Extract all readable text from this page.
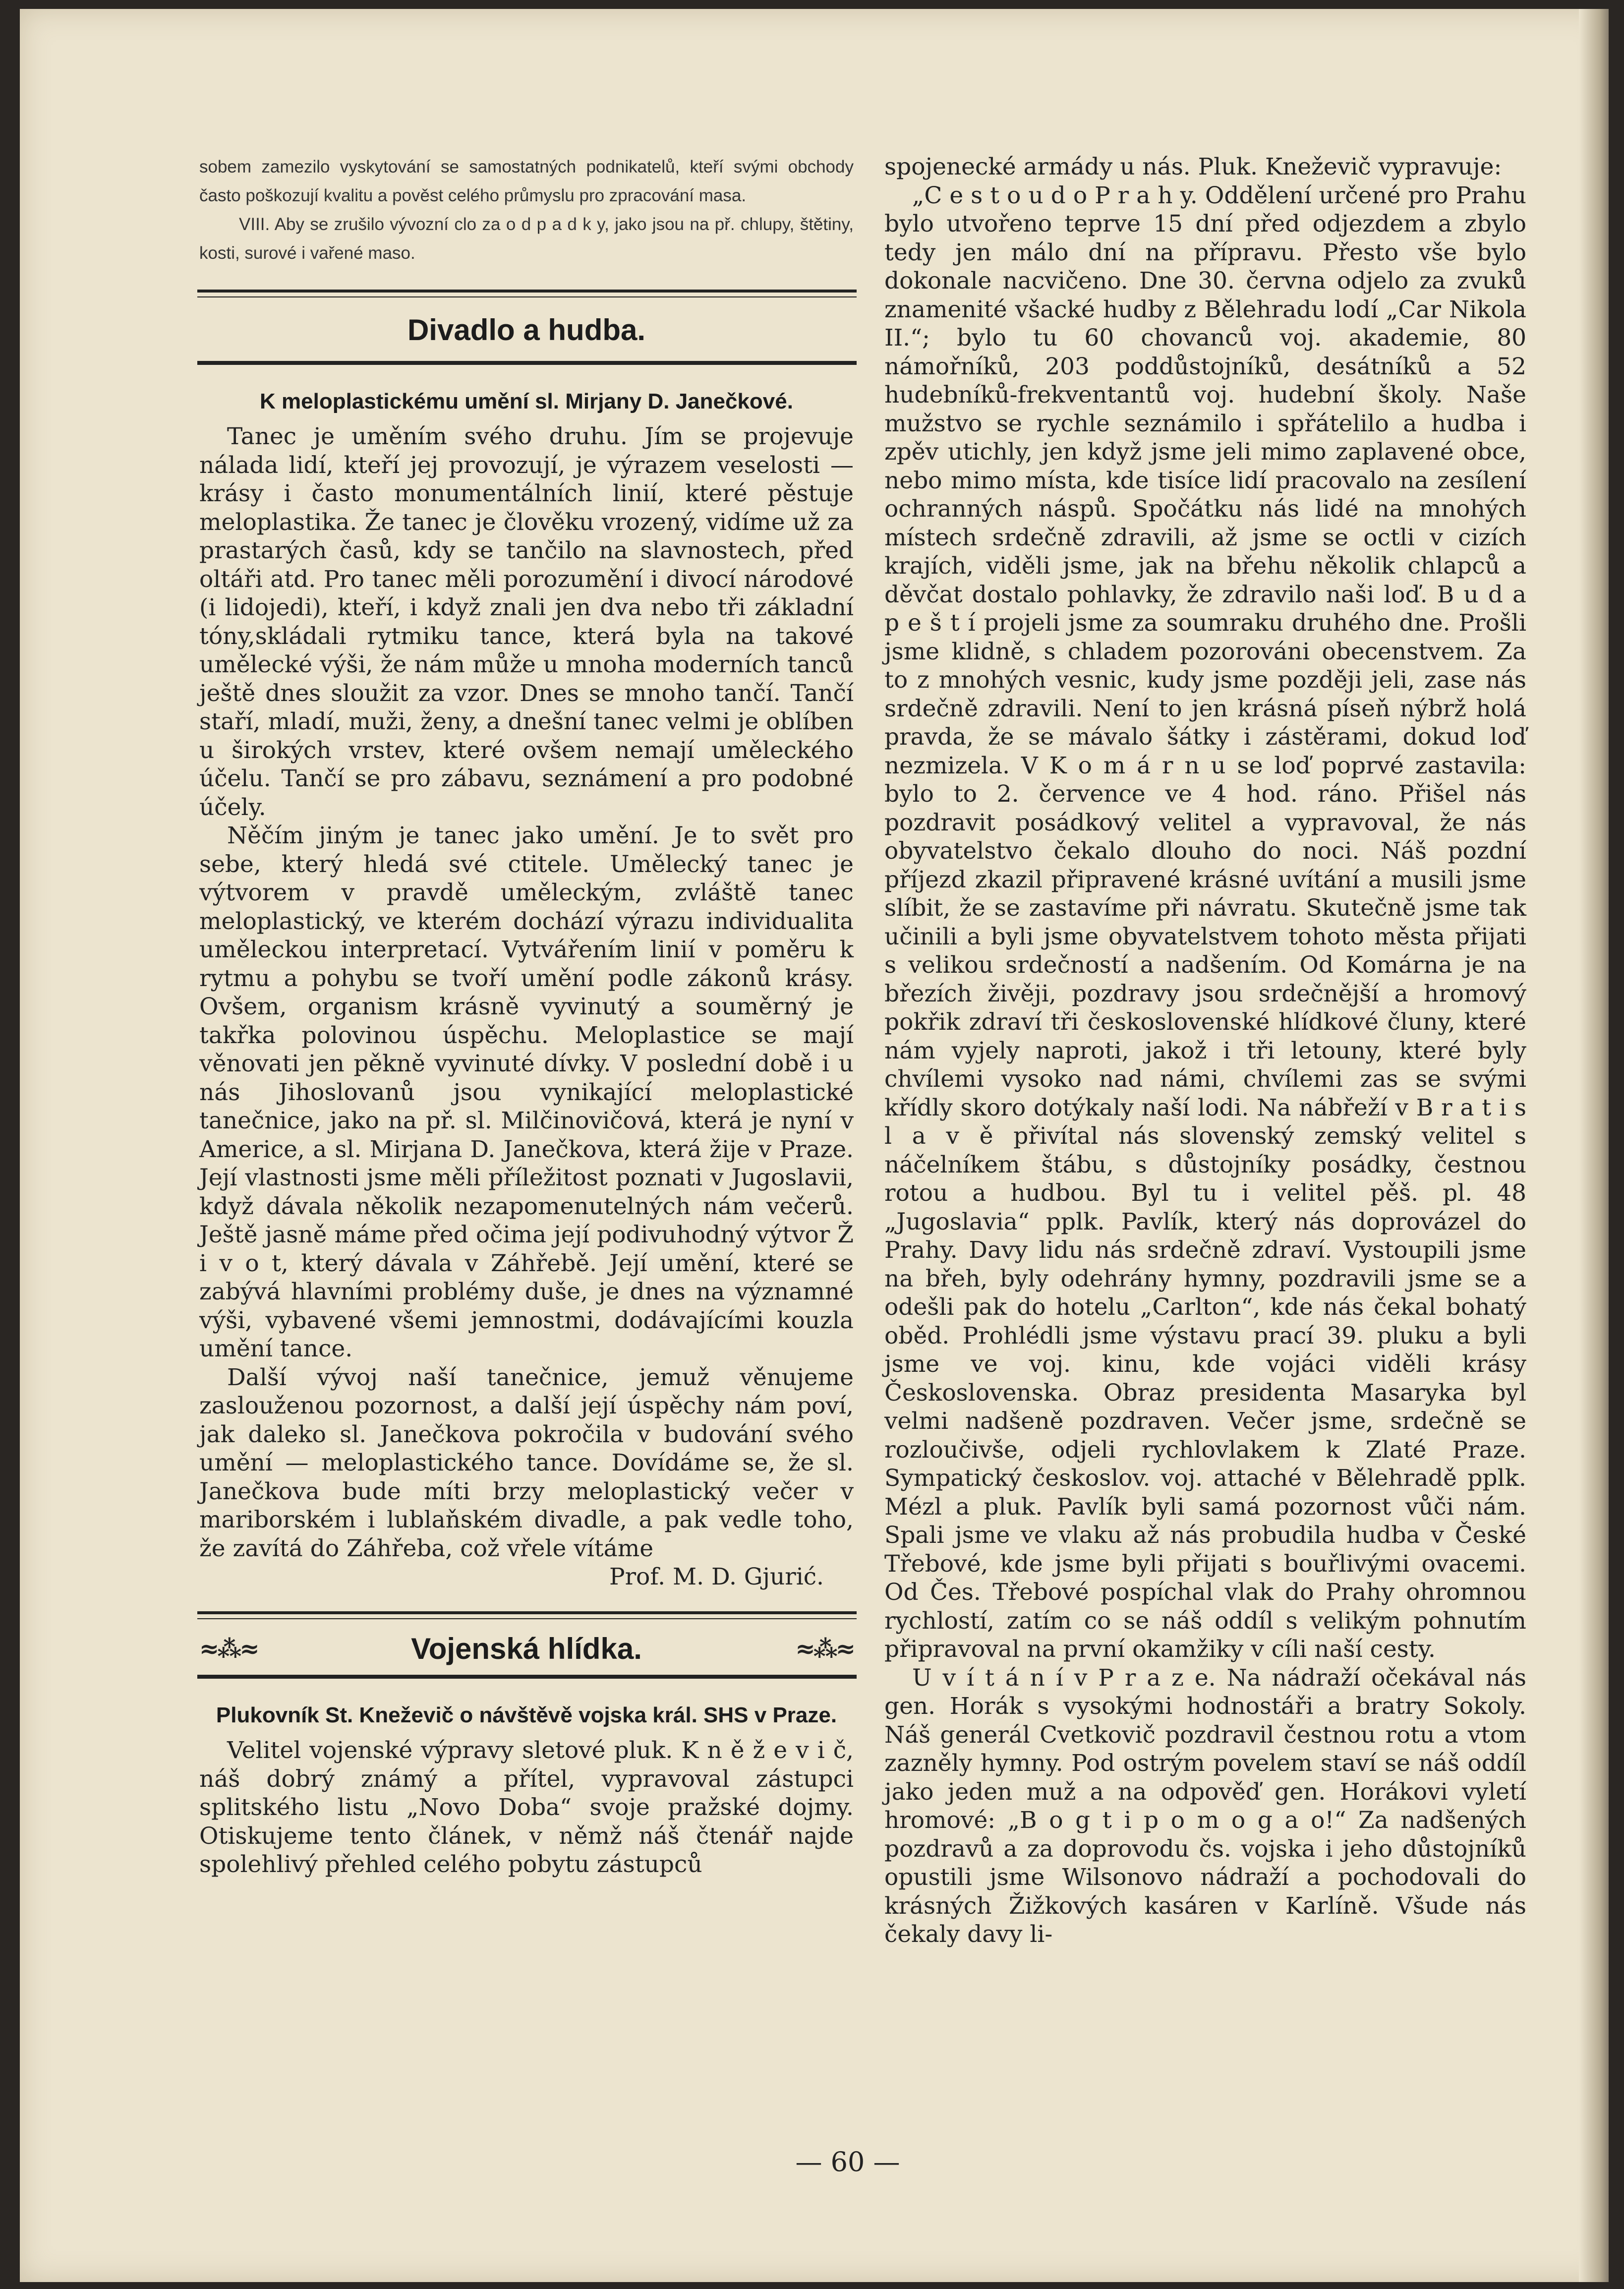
sobem zamezilo vyskytování se samostatných podnikatelů, kteří svými obchody často poškozují kvalitu a pověst celého průmyslu pro zpracování masa.

VIII. Aby se zrušilo vývozní clo za o d p a d k y, jako jsou na př. chlupy, štětiny, kosti, surové i vařené maso.

Divadlo a hudba.
K meloplastickému umění sl. Mirjany D. Janečkové.

Tanec je uměním svého druhu. Jím se projevuje nálada lidí, kteří jej provozují, je výrazem veselosti — krásy i často monumentálních linií, které pěstuje meloplastika. Že tanec je člověku vrozený, vidíme už za prastarých časů, kdy se tančilo na slavnostech, před oltáři atd. Pro tanec měli porozumění i divocí národové (i lidojedi), kteří, i když znali jen dva nebo tři základní tóny,skládali rytmiku tance, která byla na takové umělecké výši, že nám může u mnoha moderních tanců ještě dnes sloužit za vzor. Dnes se mnoho tančí. Tančí staří, mladí, muži, ženy, a dnešní tanec velmi je oblíben u širokých vrstev, které ovšem nemají uměleckého účelu. Tančí se pro zábavu, seznámení a pro podobné účely.

Něčím jiným je tanec jako umění. Je to svět pro sebe, který hledá své ctitele. Umělecký tanec je výtvorem v pravdě uměleckým, zvláště tanec meloplastický, ve kterém dochází výrazu individualita uměleckou interpretací. Vytvářením linií v poměru k rytmu a pohybu se tvoří umění podle zákonů krásy. Ovšem, organism krásně vyvinutý a souměrný je takřka polovinou úspěchu. Meloplastice se mají věnovati jen pěkně vyvinuté dívky. V poslední době i u nás Jihoslovanů jsou vynikající meloplastické tanečnice, jako na př. sl. Milčinovičová, která je nyní v Americe, a sl. Mirjana D. Janečkova, která žije v Praze. Její vlastnosti jsme měli příležitost poznati v Jugoslavii, když dávala několik nezapomenutelných nám večerů. Ještě jasně máme před očima její podivuhodný výtvor Ž i v o t, který dávala v Záhřebě. Její umění, které se zabývá hlavními problémy duše, je dnes na významné výši, vybavené všemi jemnostmi, dodávajícími kouzla umění tance.

Další vývoj naší tanečnice, jemuž věnujeme zaslouženou pozornost, a další její úspěchy nám poví, jak daleko sl. Janečkova pokročila v budování svého umění — meloplastického tance. Dovídáme se, že sl. Janečkova bude míti brzy meloplastický večer v mariborském i lublaňském divadle, a pak vedle toho, že zavítá do Záhřeba, což vřele vítáme

Prof. M. D. Gjurić.

≈⁂≈	Vojenská hlídka.	≈⁂≈
Plukovník St. Kneževič o návštěvě vojska král. SHS v Praze.

Velitel vojenské výpravy sletové pluk. K n ě ž e v i č, náš dobrý známý a přítel, vypravoval zástupci splitského listu „Novo Doba“ svoje pražské dojmy. Otiskujeme tento článek, v němž náš čtenář najde spolehlivý přehled celého pobytu zástupců

spojenecké armády u nás. Pluk. Kneževič vypravuje:

„C e s t o u d o P r a h y. Oddělení určené pro Prahu bylo utvořeno teprve 15 dní před odjezdem a zbylo tedy jen málo dní na přípravu. Přesto vše bylo dokonale nacvičeno. Dne 30. června odjelo za zvuků znamenité všacké hudby z Bělehradu lodí „Car Nikola II.“; bylo tu 60 chovanců voj. akademie, 80 námořníků, 203 poddůstojníků, desátníků a 52 hudebníků-frekventantů voj. hudební školy. Naše mužstvo se rychle seznámilo i spřátelilo a hudba i zpěv utichly, jen když jsme jeli mimo zaplavené obce, nebo mimo místa, kde tisíce lidí pracovalo na zesílení ochranných náspů. Spočátku nás lidé na mnohých místech srdečně zdravili, až jsme se octli v cizích krajích, viděli jsme, jak na břehu několik chlapců a děvčat dostalo pohlavky, že zdravilo naši loď. B u d a p e š t í projeli jsme za soumraku druhého dne. Prošli jsme klidně, s chladem pozorováni obecenstvem. Za to z mnohých vesnic, kudy jsme později jeli, zase nás srdečně zdravili. Není to jen krásná píseň nýbrž holá pravda, že se mávalo šátky i zástěrami, dokud loď nezmizela. V K o m á r n u se loď poprvé zastavila: bylo to 2. července ve 4 hod. ráno. Přišel nás pozdravit posádkový velitel a vypravoval, že nás obyvatelstvo čekalo dlouho do noci. Náš pozdní příjezd zkazil připravené krásné uvítání a musili jsme slíbit, že se zastavíme při návratu. Skutečně jsme tak učinili a byli jsme obyvatelstvem tohoto města přijati s velikou srdečností a nadšením. Od Komárna je na březích živěji, pozdravy jsou srdečnější a hromový pokřik zdraví tři československé hlídkové čluny, které nám vyjely naproti, jakož i tři letouny, které byly chvílemi vysoko nad námi, chvílemi zas se svými křídly skoro dotýkaly naší lodi. Na nábřeží v B r a t i s l a v ě přivítal nás slovenský zemský velitel s náčelníkem štábu, s důstojníky posádky, čestnou rotou a hudbou. Byl tu i velitel pěš. pl. 48 „Jugoslavia“ pplk. Pavlík, který nás doprovázel do Prahy. Davy lidu nás srdečně zdraví. Vystoupili jsme na břeh, byly odehrány hymny, pozdravili jsme se a odešli pak do hotelu „Carlton“, kde nás čekal bohatý oběd. Prohlédli jsme výstavu prací 39. pluku a byli jsme ve voj. kinu, kde vojáci viděli krásy Československa. Obraz presidenta Masaryka byl velmi nadšeně pozdraven. Večer jsme, srdečně se rozloučivše, odjeli rychlovlakem k Zlaté Praze. Sympatický českoslov. voj. attaché v Bělehradě pplk. Mézl a pluk. Pavlík byli samá pozornost vůči nám. Spali jsme ve vlaku až nás probudila hudba v České Třebové, kde jsme byli přijati s bouřlivými ovacemi. Od Čes. Třebové pospíchal vlak do Prahy ohromnou rychlostí, zatím co se náš oddíl s velikým pohnutím připravoval na první okamžiky v cíli naší cesty.

U v í t á n í v P r a z e. Na nádraží očekával nás gen. Horák s vysokými hodnostáři a bratry Sokoly. Náš generál Cvetkovič pozdravil čestnou rotu a vtom zazněly hymny. Pod ostrým povelem staví se náš oddíl jako jeden muž a na odpověď gen. Horákovi vyletí hromové: „B o g t i p o m o g a o!“ Za nadšených pozdravů a za doprovodu čs. vojska i jeho důstojníků opustili jsme Wilsonovo nádraží a pochodovali do krásných Žižkových kasáren v Karlíně. Všude nás čekaly davy li-

— 60 —
